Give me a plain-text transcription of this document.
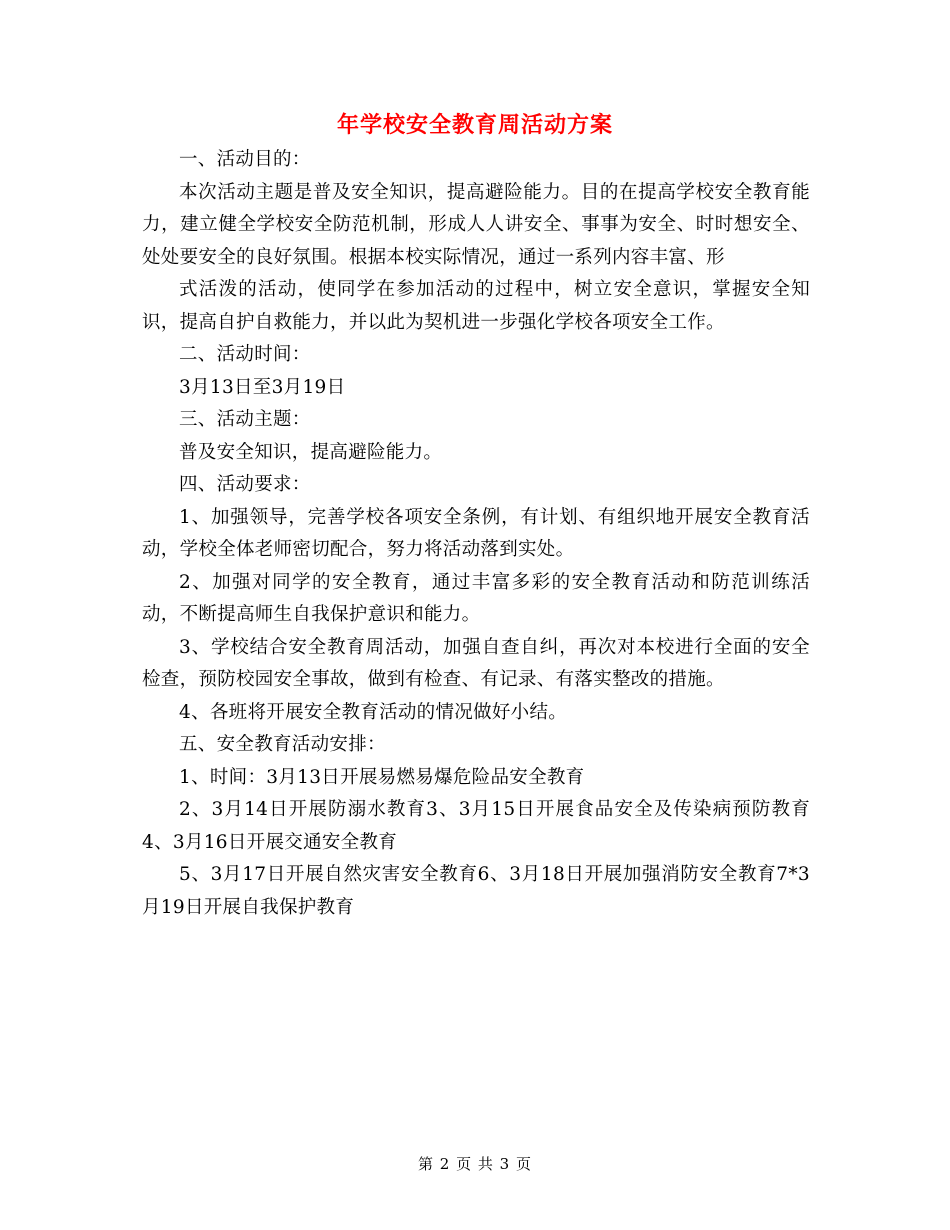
年学校安全教育周活动方案

一、活动目的：

本次活动主题是普及安全知识，提高避险能力。目的在提高学校安全教育能力，建立健全学校安全防范机制，形成人人讲安全、事事为安全、时时想安全、处处要安全的良好氛围。根据本校实际情况，通过一系列内容丰富、形

式活泼的活动，使同学在参加活动的过程中，树立安全意识，掌握安全知识，提高自护自救能力，并以此为契机进一步强化学校各项安全工作。

二、活动时间：

3月13日至3月19日

三、活动主题：

普及安全知识，提高避险能力。

四、活动要求：

1、加强领导，完善学校各项安全条例，有计划、有组织地开展安全教育活动，学校全体老师密切配合，努力将活动落到实处。

2、加强对同学的安全教育，通过丰富多彩的安全教育活动和防范训练活动，不断提高师生自我保护意识和能力。

3、学校结合安全教育周活动，加强自查自纠，再次对本校进行全面的安全检查，预防校园安全事故，做到有检查、有记录、有落实整改的措施。

4、各班将开展安全教育活动的情况做好小结。

五、安全教育活动安排：

1、时间：3月13日开展易燃易爆危险品安全教育

2、3月14日开展防溺水教育3、3月15日开展食品安全及传染病预防教育4、3月16日开展交通安全教育

5、3月17日开展自然灾害安全教育6、3月18日开展加强消防安全教育7*3月19日开展自我保护教育

第 2 页 共 3 页
